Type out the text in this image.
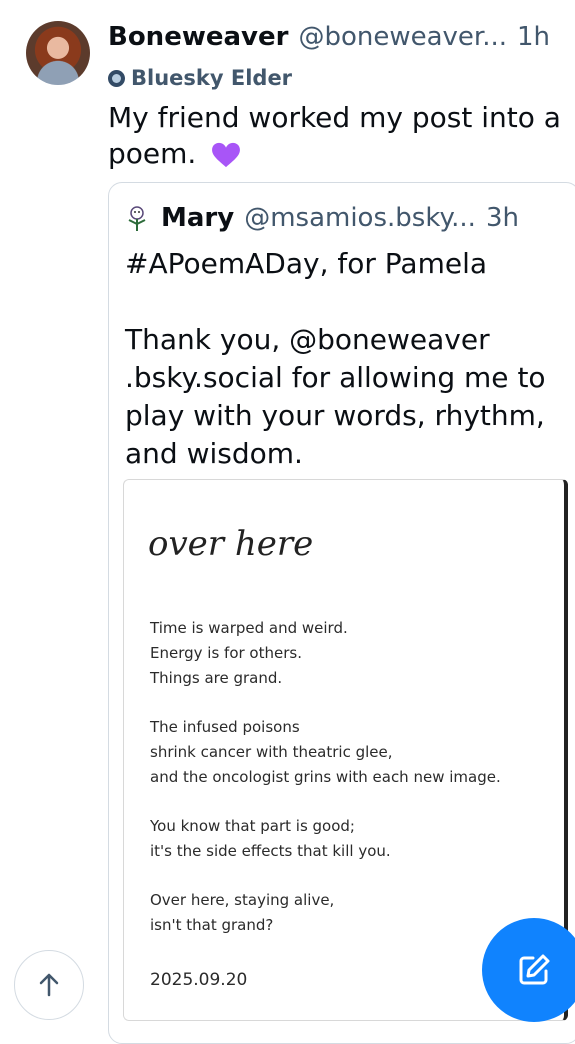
Boneweaver @boneweaver... 1h
Bluesky Elder
My friend worked my post into a poem.
Mary @msamios.bsky... 3h

#APoemADay, for Pamela

Thank you, @boneweaver .bsky.social for allowing me to play with your words, rhythm, and wisdom.

over here
Time is warped and weird.
Energy is for others.
Things are grand.
The infused poisons
shrink cancer with theatric glee,
and the oncologist grins with each new image.
You know that part is good;
it's the side effects that kill you.
Over here, staying alive,
isn't that grand?
2025.09.20
